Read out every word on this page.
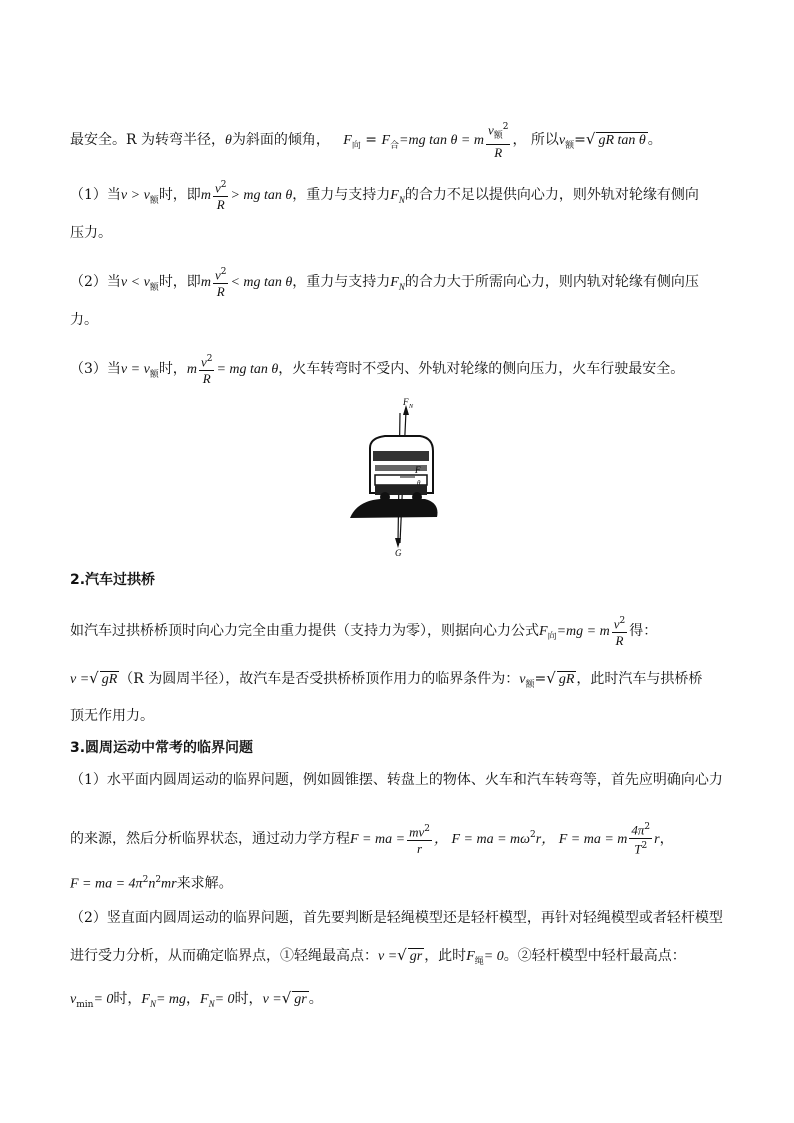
最安全。R 为转弯半径，θ为斜面的倾角， $F_向 = F_合=mg$ tan θ = m $\frac{v_额^2}{R}$ ， 所以$v_额=√$ gR tan θ 。
（1）当$v > v_额$时，即m $\frac{v^2}{R}$ > mg tan θ，重力与支持力$F_N$的合力不足以提供向心力，则外轨对轮缘有侧向
压力。
（2）当$v < v_额$时，即m $\frac{v^2}{R}$ < mg tan θ，重力与支持力$F_N$的合力大于所需向心力，则内轨对轮缘有侧向压
力。
（3）当$v = v_额$时，m $\frac{v^2}{R}$ = mg tan θ，火车转弯时不受内、外轨对轮缘的侧向压力，火车行驶最安全。
F N
F
θ
G
2.汽车过拱桥
如汽车过拱桥桥顶时向心力完全由重力提供（支持力为零），则据向心力公式$F_向=mg = m \frac{v^2}{R}$ 得：
v =√ gR （R 为圆周半径），故汽车是否受拱桥桥顶作用力的临界条件为：$v_额=√$ gR ，此时汽车与拱桥桥
顶无作用力。
3.圆周运动中常考的临界问题
（1）水平面内圆周运动的临界问题，例如圆锥摆、转盘上的物体、火车和汽车转弯等，首先应明确向心力
的来源，然后分析临界状态，通过动力学方程F = ma = $\frac{mv^2}{r}$ ， F = ma = $m\omega^2r$， F = ma = m $\frac{4\pi^2}{T^2}$ r，
F = ma = $4\pi^2n^2mr$来求解。
（2）竖直面内圆周运动的临界问题，首先要判断是轻绳模型还是轻杆模型，再针对轻绳模型或者轻杆模型
进行受力分析，从而确定临界点，①轻绳最高点：v =√ gr ，此时$F_绳= 0$。②轻杆模型中轻杆最高点：
$v_{min}= 0$时，$F_N=$ mg，$F_N= 0$时，v =√ gr 。
